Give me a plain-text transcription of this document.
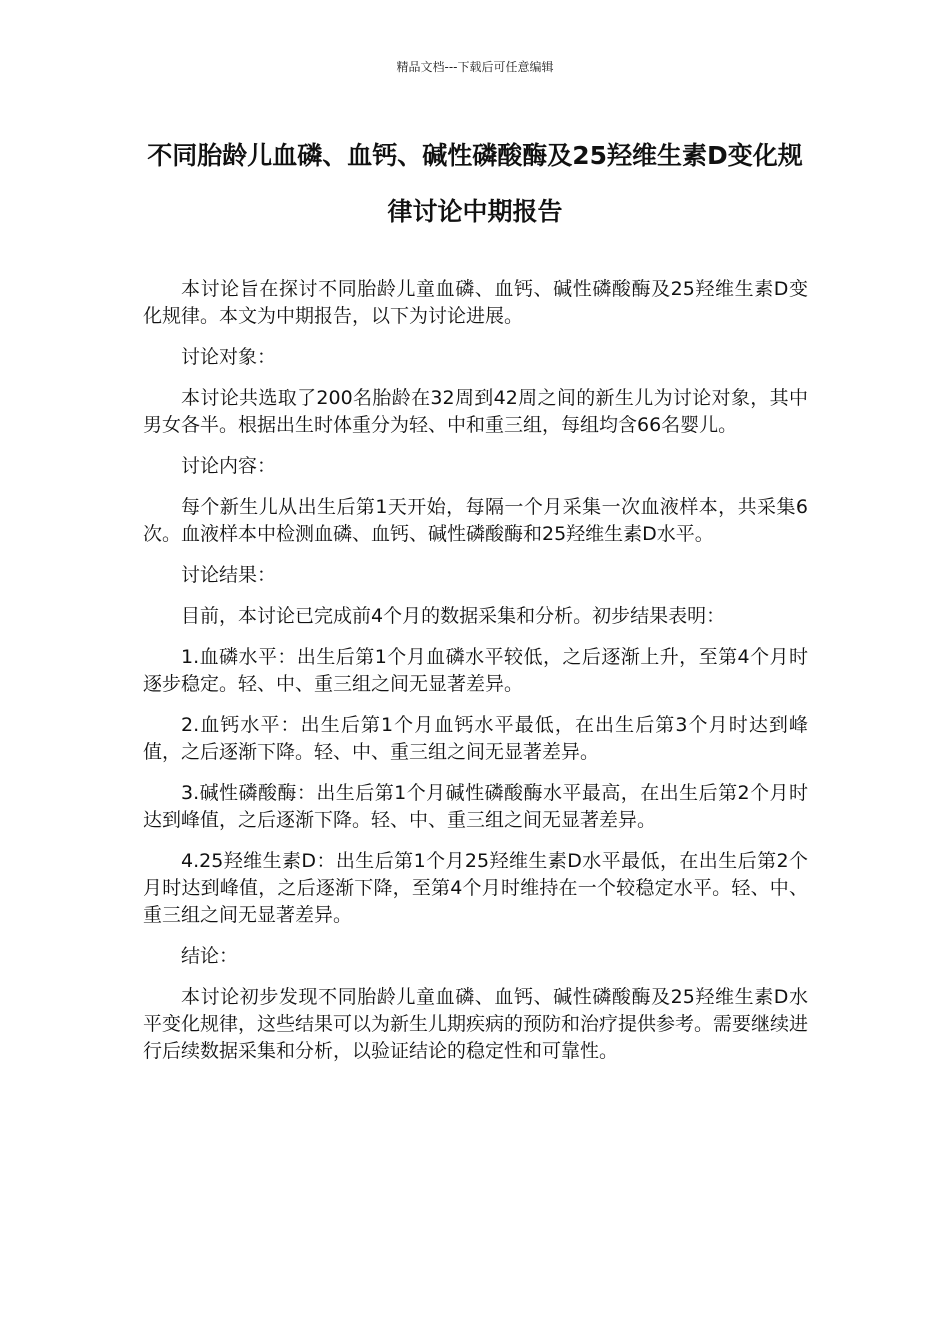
精品文档---下载后可任意编辑
不同胎龄儿血磷、血钙、碱性磷酸酶及25羟维生素D变化规律讨论中期报告

本讨论旨在探讨不同胎龄儿童血磷、血钙、碱性磷酸酶及25羟维生素D变化规律。本文为中期报告，以下为讨论进展。

讨论对象：

本讨论共选取了200名胎龄在32周到42周之间的新生儿为讨论对象，其中男女各半。根据出生时体重分为轻、中和重三组，每组均含66名婴儿。

讨论内容：

每个新生儿从出生后第1天开始，每隔一个月采集一次血液样本，共采集6次。血液样本中检测血磷、血钙、碱性磷酸酶和25羟维生素D水平。

讨论结果：

目前，本讨论已完成前4个月的数据采集和分析。初步结果表明：

1.血磷水平：出生后第1个月血磷水平较低，之后逐渐上升，至第4个月时逐步稳定。轻、中、重三组之间无显著差异。

2.血钙水平：出生后第1个月血钙水平最低，在出生后第3个月时达到峰值，之后逐渐下降。轻、中、重三组之间无显著差异。

3.碱性磷酸酶：出生后第1个月碱性磷酸酶水平最高，在出生后第2个月时达到峰值，之后逐渐下降。轻、中、重三组之间无显著差异。

4.25羟维生素D：出生后第1个月25羟维生素D水平最低，在出生后第2个月时达到峰值，之后逐渐下降，至第4个月时维持在一个较稳定水平。轻、中、重三组之间无显著差异。

结论：

本讨论初步发现不同胎龄儿童血磷、血钙、碱性磷酸酶及25羟维生素D水平变化规律，这些结果可以为新生儿期疾病的预防和治疗提供参考。需要继续进行后续数据采集和分析，以验证结论的稳定性和可靠性。
